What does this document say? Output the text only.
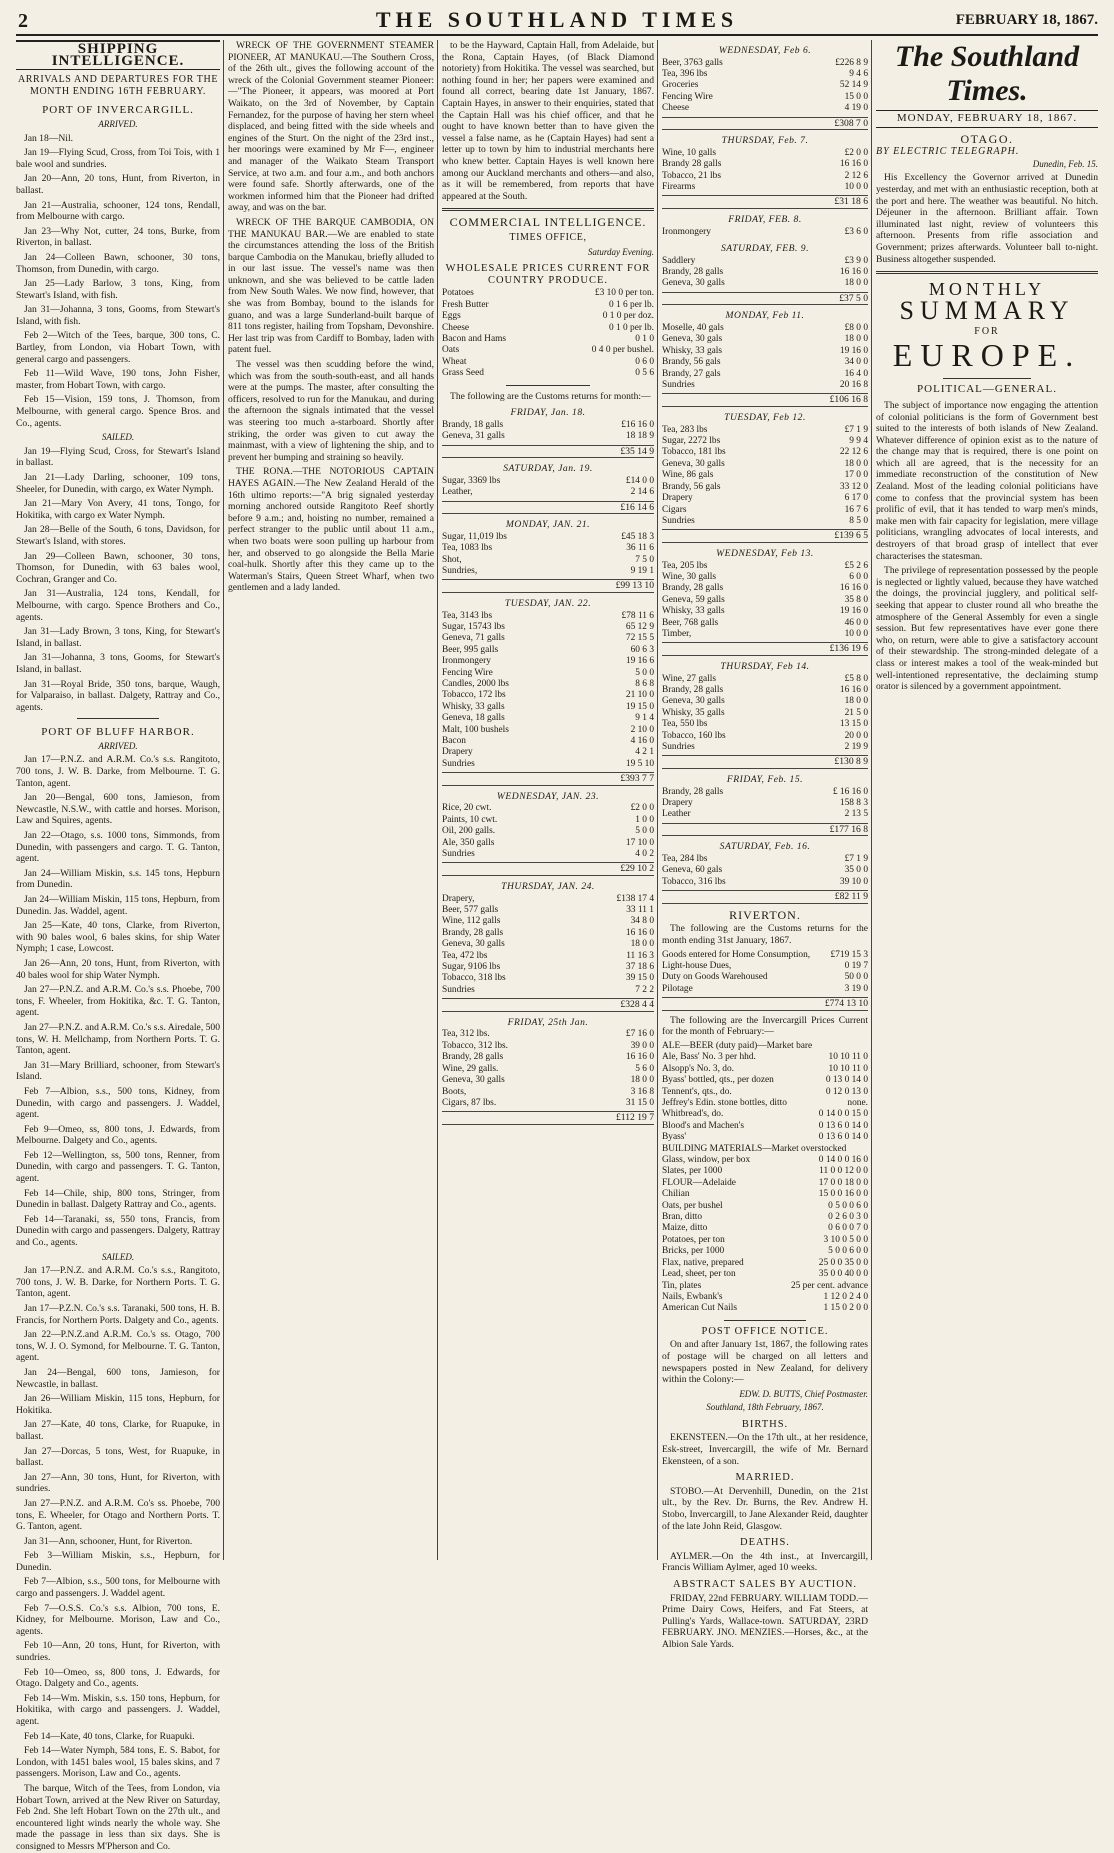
2	THE SOUTHLAND TIMES	FEBRUARY 18, 1867.
SHIPPING INTELLIGENCE.
ARRIVALS AND DEPARTURES FOR THE MONTH ENDING 16TH FEBRUARY.
PORT OF INVERCARGILL.
ARRIVED.

Jan 18—Nil.

Jan 19—Flying Scud, Cross, from Toi Tois, with 1 bale wool and sundries.

Jan 20—Ann, 20 tons, Hunt, from Riverton, in ballast.

Jan 21—Australia, schooner, 124 tons, Rendall, from Melbourne with cargo.

Jan 23—Why Not, cutter, 24 tons, Burke, from Riverton, in ballast.

Jan 24—Colleen Bawn, schooner, 30 tons, Thomson, from Dunedin, with cargo.

Jan 25—Lady Barlow, 3 tons, King, from Stewart's Island, with fish.

Jan 31—Johanna, 3 tons, Gooms, from Stewart's Island, with fish.

Feb 2—Witch of the Tees, barque, 300 tons, C. Bartley, from London, via Hobart Town, with general cargo and passengers.

Feb 11—Wild Wave, 190 tons, John Fisher, master, from Hobart Town, with cargo.

Feb 15—Vision, 159 tons, J. Thomson, from Melbourne, with general cargo. Spence Bros. and Co., agents.

SAILED.

Jan 19—Flying Scud, Cross, for Stewart's Island in ballast.

Jan 21—Lady Darling, schooner, 109 tons, Sheeler, for Dunedin, with cargo, ex Water Nymph.

Jan 21—Mary Von Avery, 41 tons, Tongo, for Hokitika, with cargo ex Water Nymph.

Jan 28—Belle of the South, 6 tons, Davidson, for Stewart's Island, with stores.

Jan 29—Colleen Bawn, schooner, 30 tons, Thomson, for Dunedin, with 63 bales wool, Cochran, Granger and Co.

Jan 31—Australia, 124 tons, Kendall, for Melbourne, with cargo. Spence Brothers and Co., agents.

Jan 31—Lady Brown, 3 tons, King, for Stewart's Island, in ballast.

Jan 31—Johanna, 3 tons, Gooms, for Stewart's Island, in ballast.

Jan 31—Royal Bride, 350 tons, barque, Waugh, for Valparaiso, in ballast. Dalgety, Rattray and Co., agents.

PORT OF BLUFF HARBOR.
ARRIVED.

Jan 17—P.N.Z. and A.R.M. Co.'s s.s. Rangitoto, 700 tons, J. W. B. Darke, from Melbourne. T. G. Tanton, agent.

Jan 20—Bengal, 600 tons, Jamieson, from Newcastle, N.S.W., with cattle and horses. Morison, Law and Squires, agents.

Jan 22—Otago, s.s. 1000 tons, Simmonds, from Dunedin, with passengers and cargo. T. G. Tanton, agent.

Jan 24—William Miskin, s.s. 145 tons, Hepburn from Dunedin.

Jan 24—William Miskin, 115 tons, Hepburn, from Dunedin. Jas. Waddel, agent.

Jan 25—Kate, 40 tons, Clarke, from Riverton, with 90 bales wool, 6 bales skins, for ship Water Nymph; 1 case, Lowcost.

Jan 26—Ann, 20 tons, Hunt, from Riverton, with 40 bales wool for ship Water Nymph.

Jan 27—P.N.Z. and A.R.M. Co.'s s.s. Phoebe, 700 tons, F. Wheeler, from Hokitika, &c. T. G. Tanton, agent.

Jan 27—P.N.Z. and A.R.M. Co.'s s.s. Airedale, 500 tons, W. H. Mellchamp, from Northern Ports. T. G. Tanton, agent.

Jan 31—Mary Brilliard, schooner, from Stewart's Island.

Feb 7—Albion, s.s., 500 tons, Kidney, from Dunedin, with cargo and passengers. J. Waddel, agent.

Feb 9—Omeo, ss, 800 tons, J. Edwards, from Melbourne. Dalgety and Co., agents.

Feb 12—Wellington, ss, 500 tons, Renner, from Dunedin, with cargo and passengers. T. G. Tanton, agent.

Feb 14—Chile, ship, 800 tons, Stringer, from Dunedin in ballast. Dalgety Rattray and Co., agents.

Feb 14—Taranaki, ss, 550 tons, Francis, from Dunedin with cargo and passengers. Dalgety, Rattray and Co., agents.

SAILED.

Jan 17—P.N.Z. and A.R.M. Co.'s s.s., Rangitoto, 700 tons, J. W. B. Darke, for Northern Ports. T. G. Tanton, agent.

Jan 17—P.Z.N. Co.'s s.s. Taranaki, 500 tons, H. B. Francis, for Northern Ports. Dalgety and Co., agents.

Jan 22—P.N.Z.and A.R.M. Co.'s ss. Otago, 700 tons, W. J. O. Symond, for Melbourne. T. G. Tanton, agent.

Jan 24—Bengal, 600 tons, Jamieson, for Newcastle, in ballast.

Jan 26—William Miskin, 115 tons, Hepburn, for Hokitika.

Jan 27—Kate, 40 tons, Clarke, for Ruapuke, in ballast.

Jan 27—Dorcas, 5 tons, West, for Ruapuke, in ballast.

Jan 27—Ann, 30 tons, Hunt, for Riverton, with sundries.

Jan 27—P.N.Z. and A.R.M. Co's ss. Phoebe, 700 tons, E. Wheeler, for Otago and Northern Ports. T. G. Tanton, agent.

Jan 31—Ann, schooner, Hunt, for Riverton.

Feb 3—William Miskin, s.s., Hepburn, for Dunedin.

Feb 7—Albion, s.s., 500 tons, for Melbourne with cargo and passengers. J. Waddel agent.

Feb 7—O.S.S. Co.'s s.s. Albion, 700 tons, E. Kidney, for Melbourne. Morison, Law and Co., agents.

Feb 10—Ann, 20 tons, Hunt, for Riverton, with sundries.

Feb 10—Omeo, ss, 800 tons, J. Edwards, for Otago. Dalgety and Co., agents.

Feb 14—Wm. Miskin, s.s. 150 tons, Hepburn, for Hokitika, with cargo and passengers. J. Waddel, agent.

Feb 14—Kate, 40 tons, Clarke, for Ruapuki.

Feb 14—Water Nymph, 584 tons, E. S. Babot, for London, with 1451 bales wool, 15 bales skins, and 7 passengers. Morison, Law and Co., agents.

The barque, Witch of the Tees, from London, via Hobart Town, arrived at the New River on Saturday, Feb 2nd. She left Hobart Town on the 27th ult., and encountered light winds nearly the whole way. She made the passage in less than six days. She is consigned to Messrs M'Pherson and Co.

WRECK OF THE GOVERNMENT STEAMER PIONEER, AT MANUKAU.—The Southern Cross, of the 26th ult., gives the following account of the wreck of the Colonial Government steamer Pioneer:—"The Pioneer, it appears, was moored at Port Waikato, on the 3rd of November, by Captain Fernandez, for the purpose of having her stern wheel displaced, and being fitted with the side wheels and engines of the Sturt. On the night of the 23rd inst., her moorings were examined by Mr F—, engineer and manager of the Waikato Steam Transport Service, at two a.m. and four a.m., and both anchors were found safe. Shortly afterwards, one of the workmen informed him that the Pioneer had drifted away, and was on the bar.

WRECK OF THE BARQUE CAMBODIA, ON THE MANUKAU BAR.—We are enabled to state the circumstances attending the loss of the British barque Cambodia on the Manukau, briefly alluded to in our last issue. The vessel's name was then unknown, and she was believed to be cattle laden from New South Wales. We now find, however, that she was from Bombay, bound to the islands for guano, and was a large Sunderland-built barque of 811 tons register, hailing from Topsham, Devonshire. Her last trip was from Cardiff to Bombay, laden with patent fuel.

The vessel was then scudding before the wind, which was from the south-south-east, and all hands were at the pumps. The master, after consulting the officers, resolved to run for the Manukau, and during the afternoon the signals intimated that the vessel was steering too much a-starboard. Shortly after striking, the order was given to cut away the mainmast, with a view of lightening the ship, and to prevent her bumping and straining so heavily.

THE RONA.—THE NOTORIOUS CAPTAIN HAYES AGAIN.—The New Zealand Herald of the 16th ultimo reports:—"A brig signaled yesterday morning anchored outside Rangitoto Reef shortly before 9 a.m.; and, hoisting no number, remained a perfect stranger to the public until about 11 a.m., when two boats were soon pulling up harbour from her, and observed to go alongside the Bella Marie coal-hulk. Shortly after this they came up to the Waterman's Stairs, Queen Street Wharf, when two gentlemen and a lady landed.

to be the Hayward, Captain Hall, from Adelaide, but the Rona, Captain Hayes, (of Black Diamond notoriety) from Hokitika. The vessel was searched, but nothing found in her; her papers were examined and found all correct, bearing date 1st January, 1867. Captain Hayes, in answer to their enquiries, stated that the Captain Hall was his chief officer, and that he ought to have known better than to have given the vessel a false name, as he (Captain Hayes) had sent a letter up to town by him to industrial merchants here who knew better. Captain Hayes is well known here among our Auckland merchants and others—and also, as it will be remembered, from reports that have appeared at the South.

COMMERCIAL INTELLIGENCE.
TIMES OFFICE,
Saturday Evening.
WHOLESALE PRICES CURRENT FOR COUNTRY PRODUCE.
Potatoes	£3 10 0 per ton.
Fresh Butter	0 1 6 per lb.
Eggs	0 1 0 per doz.
Cheese	0 1 0 per lb.
Bacon and Hams	0 1 0
Oats	0 4 0 per bushel.
Wheat	0 6 0
Grass Seed	0 5 6

The following are the Customs returns for month:—

FRIDAY, Jan. 18.
Brandy, 18 galls	£16 16 0
Geneva, 31 galls	18 18 9
£35 14 9
SATURDAY, Jan. 19.
Sugar, 3369 lbs	£14 0 0
Leather,	2 14 6
£16 14 6
MONDAY, JAN. 21.
Sugar, 11,019 lbs	£45 18 3
Tea, 1083 lbs	36 11 6
Shot,	7 5 0
Sundries,	9 19 1
£99 13 10
TUESDAY, JAN. 22.
Tea, 3143 lbs	£78 11 6
Sugar, 15743 lbs	65 12 9
Geneva, 71 galls	72 15 5
Beer, 995 galls	60 6 3
Ironmongery	19 16 6
Fencing Wire	5 0 0
Candles, 2000 lbs	8 6 8
Tobacco, 172 lbs	21 10 0
Whisky, 33 galls	19 15 0
Geneva, 18 galls	9 1 4
Malt, 100 bushels	2 10 0
Bacon	4 16 0
Drapery	4 2 1
Sundries	19 5 10
£393 7 7
WEDNESDAY, JAN. 23.
Rice, 20 cwt.	£2 0 0
Paints, 10 cwt.	1 0 0
Oil, 200 galls.	5 0 0
Ale, 350 galls	17 10 0
Sundries	4 0 2
£29 10 2
THURSDAY, JAN. 24.
Drapery,	£138 17 4
Beer, 577 galls	33 11 1
Wine, 112 galls	34 8 0
Brandy, 28 galls	16 16 0
Geneva, 30 galls	18 0 0
Tea, 472 lbs	11 16 3
Sugar, 9106 lbs	37 18 6
Tobacco, 318 lbs	39 15 0
Sundries	7 2 2
£328 4 4
FRIDAY, 25th Jan.
Tea, 312 lbs.	£7 16 0
Tobacco, 312 lbs.	39 0 0
Brandy, 28 galls	16 16 0
Wine, 29 galls.	5 6 0
Geneva, 30 galls	18 0 0
Boots,	3 16 8
Cigars, 87 lbs.	31 15 0
£112 19 7
WEDNESDAY, Feb 6.
Beer, 3763 galls	£226 8 9
Tea, 396 lbs	9 4 6
Groceries	52 14 9
Fencing Wire	15 0 0
Cheese	4 19 0
£308 7 0
THURSDAY, Feb. 7.
Wine, 10 galls	£2 0 0
Brandy 28 galls	16 16 0
Tobacco, 21 lbs	2 12 6
Firearms	10 0 0
£31 18 6
FRIDAY, FEB. 8.
Ironmongery	£3 6 0
SATURDAY, FEB. 9.
Saddlery	£3 9 0
Brandy, 28 galls	16 16 0
Geneva, 30 galls	18 0 0
£37 5 0
MONDAY, Feb 11.
Moselle, 40 gals	£8 0 0
Geneva, 30 gals	18 0 0
Whisky, 33 gals	19 16 0
Brandy, 56 gals	34 0 0
Brandy, 27 gals	16 4 0
Sundries	20 16 8
£106 16 8
TUESDAY, Feb 12.
Tea, 283 lbs	£7 1 9
Sugar, 2272 lbs	9 9 4
Tobacco, 181 lbs	22 12 6
Geneva, 30 galls	18 0 0
Wine, 86 gals	17 0 0
Brandy, 56 gals	33 12 0
Drapery	6 17 0
Cigars	16 7 6
Sundries	8 5 0
£139 6 5
WEDNESDAY, Feb 13.
Tea, 205 lbs	£5 2 6
Wine, 30 galls	6 0 0
Brandy, 28 galls	16 16 0
Geneva, 59 galls	35 8 0
Whisky, 33 galls	19 16 0
Beer, 768 galls	46 0 0
Timber,	10 0 0
£136 19 6
THURSDAY, Feb 14.
Wine, 27 galls	£5 8 0
Brandy, 28 galls	16 16 0
Geneva, 30 galls	18 0 0
Whisky, 35 galls	21 5 0
Tea, 550 lbs	13 15 0
Tobacco, 160 lbs	20 0 0
Sundries	2 19 9
£130 8 9
FRIDAY, Feb. 15.
Brandy, 28 galls	£ 16 16 0
Drapery	158 8 3
Leather	2 13 5
£177 16 8
SATURDAY, Feb. 16.
Tea, 284 lbs	£7 1 9
Geneva, 60 gals	35 0 0
Tobacco, 316 lbs	39 10 0
£82 11 9
RIVERTON.

The following are the Customs returns for the month ending 31st January, 1867.

Goods entered for Home Consumption,	£719 15 3
Light-house Dues,	0 19 7
Duty on Goods Warehoused	50 0 0
Pilotage	3 19 0
£774 13 10

The following are the Invercargill Prices Current for the month of February:—

ALE—BEER (duty paid)—Market bare
Ale, Bass' No. 3 per hhd.	10 10 11 0
Alsopp's No. 3, do.	10 10 11 0
Byass' bottled, qts., per dozen	0 13 0 14 0
Tennent's, qts., do.	0 12 0 13 0
Jeffrey's Edin. stone bottles, ditto	none.
Whitbread's, do.	0 14 0 0 15 0
Blood's and Machen's	0 13 6 0 14 0
Byass'	0 13 6 0 14 0
BUILDING MATERIALS—Market overstocked
Glass, window, per box	0 14 0 0 16 0
Slates, per 1000	11 0 0 12 0 0
FLOUR—Adelaide	17 0 0 18 0 0
Chilian	15 0 0 16 0 0
Oats, per bushel	0 5 0 0 6 0
Bran, ditto	0 2 6 0 3 0
Maize, ditto	0 6 0 0 7 0
Potatoes, per ton	3 10 0 5 0 0
Bricks, per 1000	5 0 0 6 0 0
Flax, native, prepared	25 0 0 35 0 0
Lead, sheet, per ton	35 0 0 40 0 0
Tin, plates	25 per cent. advance
Nails, Ewbank's	1 12 0 2 4 0
American Cut Nails	1 15 0 2 0 0
POST OFFICE NOTICE.

On and after January 1st, 1867, the following rates of postage will be charged on all letters and newspapers posted in New Zealand, for delivery within the Colony:—

EDW. D. BUTTS, Chief Postmaster.
Southland, 18th February, 1867.
BIRTHS.

EKENSTEEN.—On the 17th ult., at her residence, Esk-street, Invercargill, the wife of Mr. Bernard Ekensteen, of a son.

MARRIED.

STOBO.—At Dervenhill, Dunedin, on the 21st ult., by the Rev. Dr. Burns, the Rev. Andrew H. Stobo, Invercargill, to Jane Alexander Reid, daughter of the late John Reid, Glasgow.

DEATHS.

AYLMER.—On the 4th inst., at Invercargill, Francis William Aylmer, aged 10 weeks.

ABSTRACT SALES BY AUCTION.

FRIDAY, 22nd FEBRUARY. WILLIAM TODD.—Prime Dairy Cows, Heifers, and Fat Steers, at Pulling's Yards, Wallace-town. SATURDAY, 23RD FEBRUARY. JNO. MENZIES.—Horses, &c., at the Albion Sale Yards.

The Southland Times.
MONDAY, FEBRUARY 18, 1867.
OTAGO.
BY ELECTRIC TELEGRAPH.
Dunedin, Feb. 15.

His Excellency the Governor arrived at Dunedin yesterday, and met with an enthusiastic reception, both at the port and here. The weather was beautiful. No hitch. Déjeuner in the afternoon. Brilliant affair. Town illuminated last night, review of volunteers this afternoon. Presents from rifle association and Government; prizes afterwards. Volunteer ball to-night. Business altogether suspended.

MONTHLY
SUMMARY
FOR
EUROPE.
POLITICAL—GENERAL.

The subject of importance now engaging the attention of colonial politicians is the form of Government best suited to the interests of both islands of New Zealand. Whatever difference of opinion exist as to the nature of the change may that is required, there is one point on which all are agreed, that is the necessity for an immediate reconstruction of the constitution of New Zealand. Most of the leading colonial politicians have come to confess that the provincial system has been prolific of evil, that it has tended to warp men's minds, make men with fair capacity for legislation, mere village politicians, wrangling advocates of local interests, and destroyers of that broad grasp of intellect that ever characterises the statesman.

The privilege of representation possessed by the people is neglected or lightly valued, because they have watched the doings, the provincial jugglery, and political self-seeking that appear to cluster round all who breathe the atmosphere of the General Assembly for even a single session. But few representatives have ever gone there who, on return, were able to give a satisfactory account of their stewardship. The strong-minded delegate of a class or interest makes a tool of the weak-minded but well-intentioned representative, the declaiming stump orator is silenced by a government appointment.
